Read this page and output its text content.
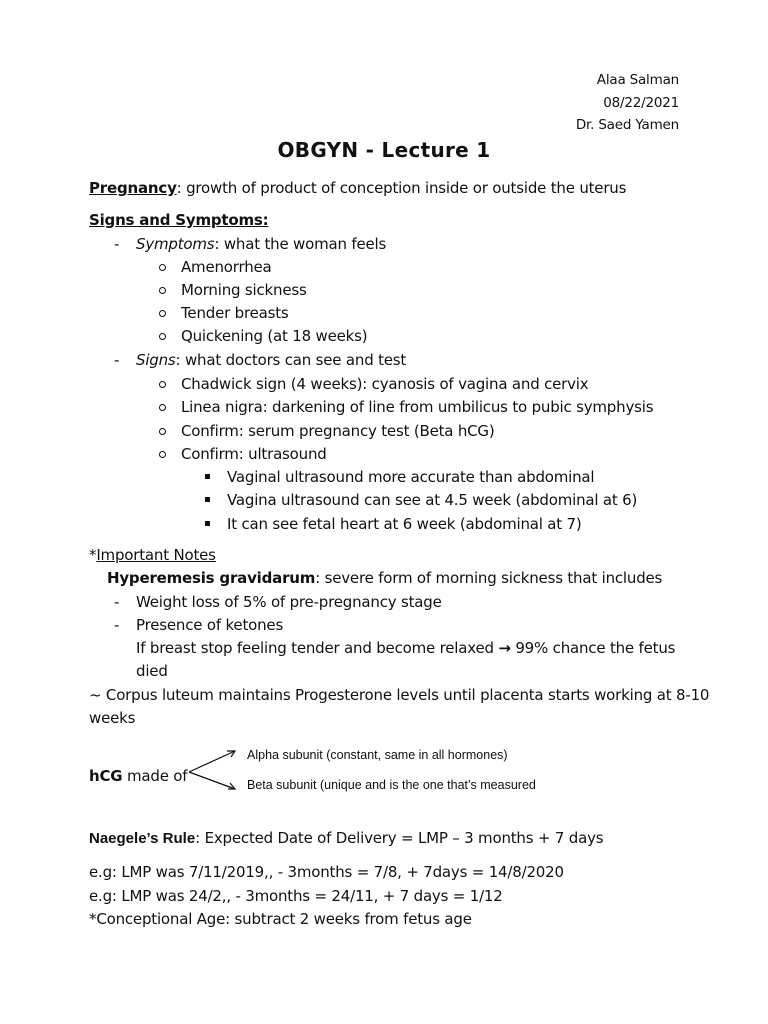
Alaa Salman
08/22/2021
Dr. Saed Yamen
OBGYN - Lecture 1
Pregnancy: growth of product of conception inside or outside the uterus
Signs and Symptoms:
- Symptoms: what the woman feels
Amenorrhea
Morning sickness
Tender breasts
Quickening (at 18 weeks)
- Signs: what doctors can see and test
Chadwick sign (4 weeks): cyanosis of vagina and cervix
Linea nigra: darkening of line from umbilicus to pubic symphysis
Confirm: serum pregnancy test (Beta hCG)
Confirm: ultrasound
Vaginal ultrasound more accurate than abdominal
Vagina ultrasound can see at 4.5 week (abdominal at 6)
It can see fetal heart at 6 week (abdominal at 7)
*Important Notes
Hyperemesis gravidarum: severe form of morning sickness that includes
- Weight loss of 5% of pre-pregnancy stage
- Presence of ketones
If breast stop feeling tender and become relaxed → 99% chance the fetus
died
~ Corpus luteum maintains Progesterone levels until placenta starts working at 8-10
weeks
hCG made of
Alpha subunit (constant, same in all hormones)
Beta subunit (unique and is the one that’s measured
Naegele’s Rule: Expected Date of Delivery = LMP – 3 months + 7 days
e.g: LMP was 7/11/2019,, - 3months = 7/8, + 7days = 14/8/2020
e.g: LMP was 24/2,, - 3months = 24/11, + 7 days = 1/12
*Conceptional Age: subtract 2 weeks from fetus age
